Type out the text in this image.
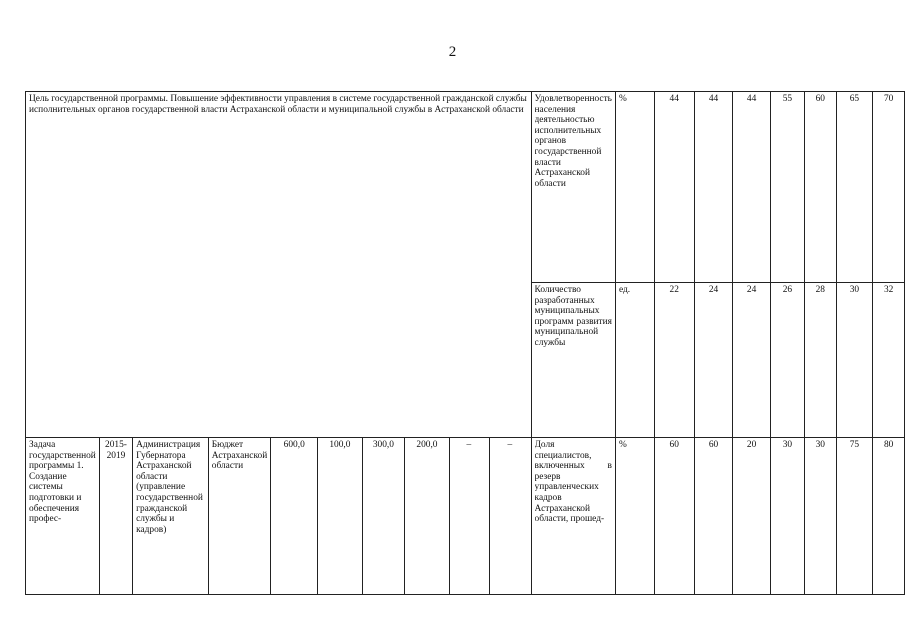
2
Цель государственной программы. Повышение эффективности управления в системе государственной гражданской службы исполнительных органов государственной власти Астраханской области и муниципальной службы в Астраханской области										Удовлетворенность населения деятельностью исполнительных органов государственной власти Астраханской области	%	44	44	44	55	60	65	70

										Количество разработанных муниципальных программ развития муниципальной службы	ед.	22	24	24	26	28	30	32

Задача государственной программы 1. Создание системы подготовки и обеспечения профес-	2015-2019	Администрация Губернатора Астраханской области (управление государственной гражданской службы и кадров)	Бюджет Астраханской области	600,0	100,0	300,0	200,0	–	–	Доля специалистов, включенных в резерв управленческих кадров Астраханской области, прошед-	%	60	60	20	30	30	75	80
